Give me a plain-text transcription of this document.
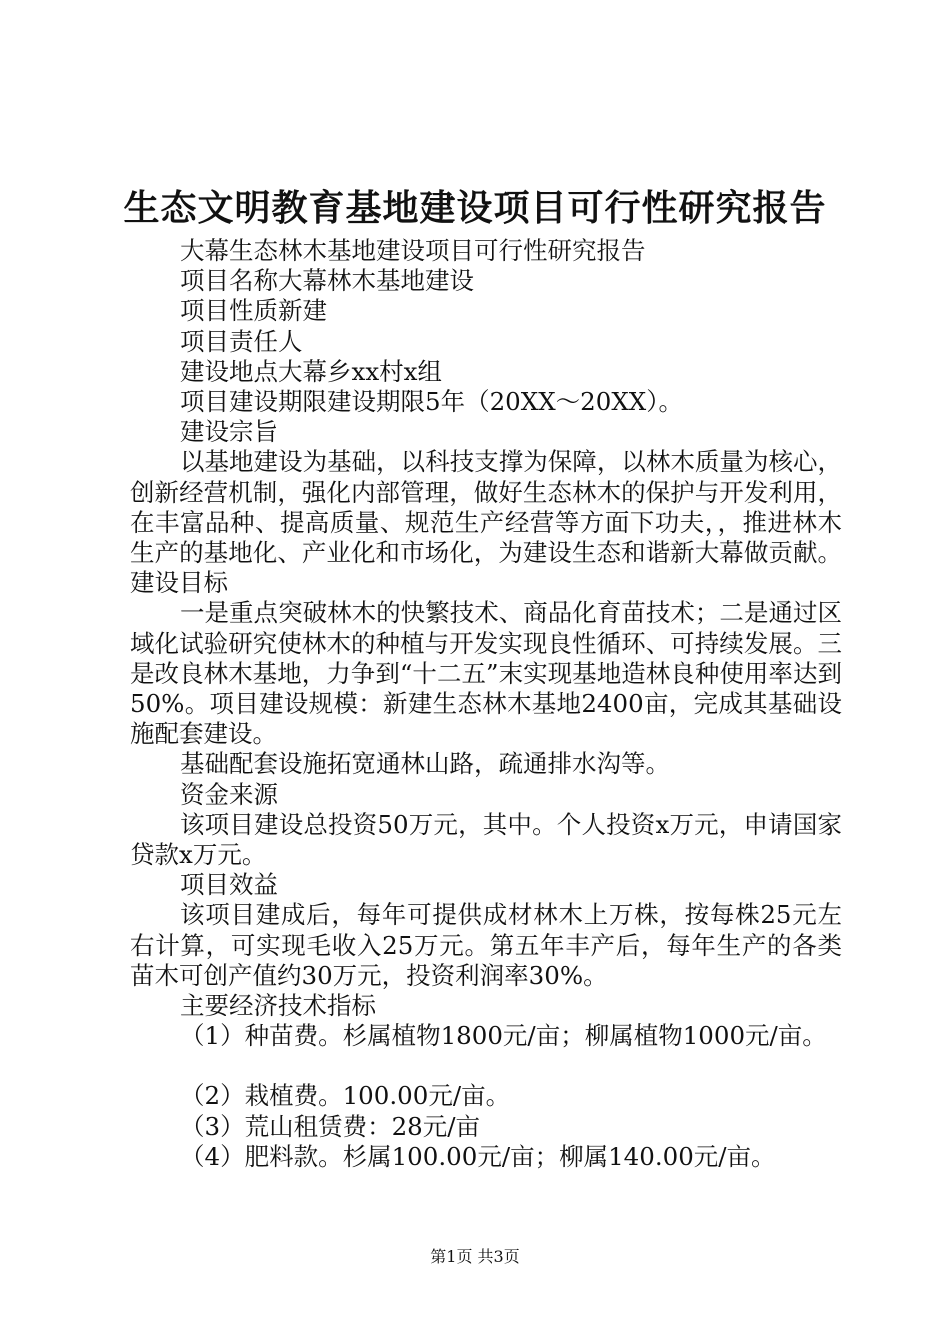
生态文明教育基地建设项目可行性研究报告
大幕生态林木基地建设项目可行性研究报告
项目名称大幕林木基地建设
项目性质新建
项目责任人
建设地点大幕乡xx村x组
项目建设期限建设期限5年（20XX～20XX）。
建设宗旨

以基地建设为基础，以科技支撑为保障，以林木质量为核心，创新经营机制，强化内部管理，做好生态林木的保护与开发利用，在丰富品种、提高质量、规范生产经营等方面下功夫，，推进林木生产的基地化、产业化和市场化，为建设生态和谐新大幕做贡献。建设目标

一是重点突破林木的快繁技术、商品化育苗技术；二是通过区域化试验研究使林木的种植与开发实现良性循环、可持续发展。三是改良林木基地，力争到“十二五”末实现基地造林良种使用率达到50%。项目建设规模：新建生态林木基地2400亩，完成其基础设施配套建设。

基础配套设施拓宽通林山路，疏通排水沟等。
资金来源

该项目建设总投资50万元，其中。个人投资x万元，申请国家贷款x万元。

项目效益

该项目建成后，每年可提供成材林木上万株，按每株25元左右计算，可实现毛收入25万元。第五年丰产后，每年生产的各类苗木可创产值约30万元，投资利润率30%。

主要经济技术指标
（1）种苗费。杉属植物1800元/亩；柳属植物1000元/亩。
（2）栽植费。100.00元/亩。
（3）荒山租赁费：28元/亩
（4）肥料款。杉属100.00元/亩；柳属140.00元/亩。
第1页 共3页
